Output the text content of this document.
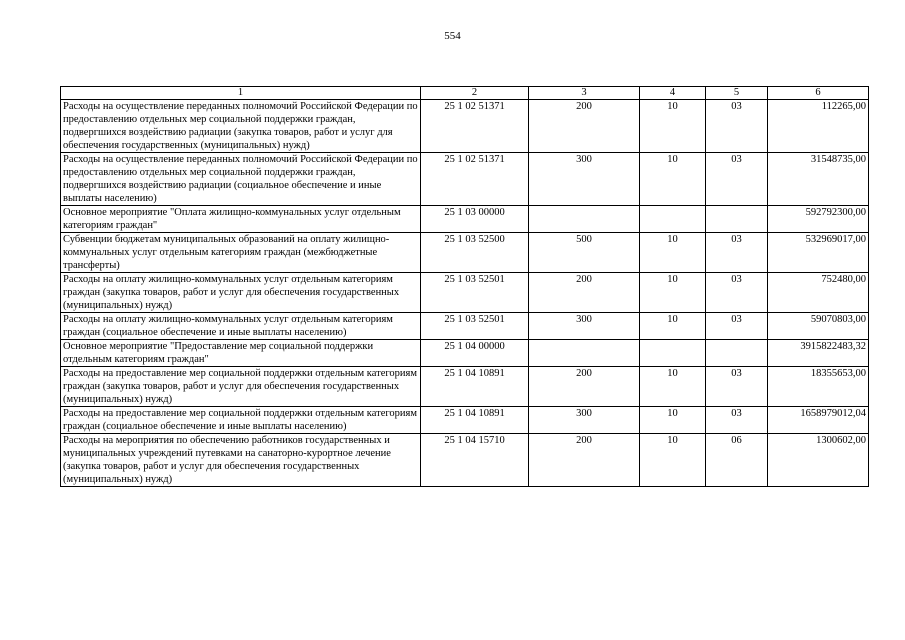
554
1	2	3	4	5	6
Расходы на осуществление переданных полномочий Российской Федерации по предоставлению отдельных мер социальной поддержки граждан, подвергшихся воздействию радиации (закупка товаров, работ и услуг для обеспечения государственных (муниципальных) нужд)	25 1 02 51371	200	10	03	112265,00
Расходы на осуществление переданных полномочий Российской Федерации по предоставлению отдельных мер социальной поддержки граждан, подвергшихся воздействию радиации (социальное обеспечение и иные выплаты населению)	25 1 02 51371	300	10	03	31548735,00
Основное мероприятие "Оплата жилищно-коммунальных услуг отдельным категориям граждан"	25 1 03 00000				592792300,00
Субвенции бюджетам муниципальных образований на оплату жилищно-коммунальных услуг отдельным категориям граждан (межбюджетные трансферты)	25 1 03 52500	500	10	03	532969017,00
Расходы на оплату жилищно-коммунальных услуг отдельным категориям граждан (закупка товаров, работ и услуг для обеспечения государственных (муниципальных) нужд)	25 1 03 52501	200	10	03	752480,00
Расходы на оплату жилищно-коммунальных услуг отдельным категориям граждан (социальное обеспечение и иные выплаты населению)	25 1 03 52501	300	10	03	59070803,00
Основное мероприятие "Предоставление мер социальной поддержки отдельным категориям граждан"	25 1 04 00000				3915822483,32
Расходы на предоставление мер социальной поддержки отдельным категориям граждан (закупка товаров, работ и услуг для обеспечения государственных (муниципальных) нужд)	25 1 04 10891	200	10	03	18355653,00
Расходы на предоставление мер социальной поддержки отдельным категориям граждан (социальное обеспечение и иные выплаты населению)	25 1 04 10891	300	10	03	1658979012,04
Расходы на мероприятия по обеспечению работников государственных и муниципальных учреждений путевками на санаторно-курортное лечение (закупка товаров, работ и услуг для обеспечения государственных (муниципальных) нужд)	25 1 04 15710	200	10	06	1300602,00
